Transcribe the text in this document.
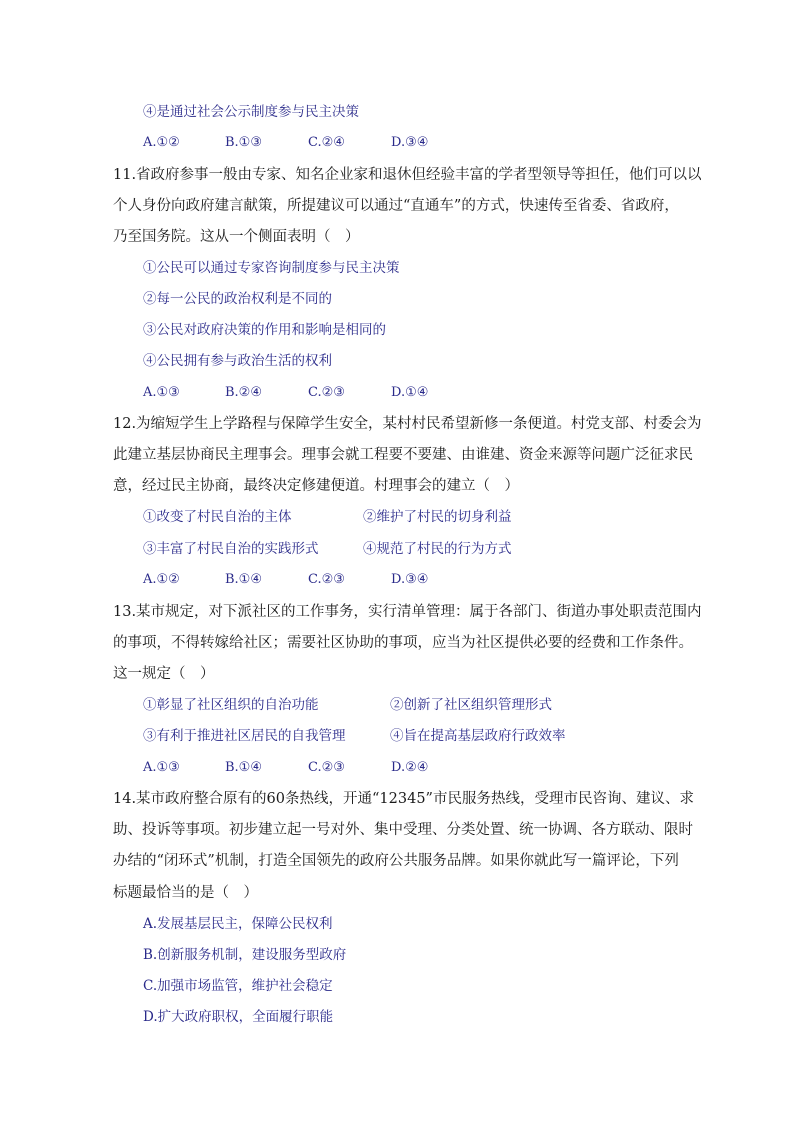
④是通过社会公示制度参与民主决策
A.①②	B.①③	C.②④	D.③④
11.省政府参事一般由专家、知名企业家和退休但经验丰富的学者型领导等担任，他们可以以
个人身份向政府建言献策，所提建议可以通过“直通车”的方式，快速传至省委、省政府，
乃至国务院。这从一个侧面表明（　）
①公民可以通过专家咨询制度参与民主决策
②每一公民的政治权利是不同的
③公民对政府决策的作用和影响是相同的
④公民拥有参与政治生活的权利
A.①③	B.②④	C.②③	D.①④
12.为缩短学生上学路程与保障学生安全，某村村民希望新修一条便道。村党支部、村委会为
此建立基层协商民主理事会。理事会就工程要不要建、由谁建、资金来源等问题广泛征求民
意，经过民主协商，最终决定修建便道。村理事会的建立（　）
①改变了村民自治的主体	②维护了村民的切身利益
③丰富了村民自治的实践形式	④规范了村民的行为方式
A.①②	B.①④	C.②③	D.③④
13.某市规定，对下派社区的工作事务，实行清单管理：属于各部门、街道办事处职责范围内
的事项，不得转嫁给社区；需要社区协助的事项，应当为社区提供必要的经费和工作条件。
这一规定（　）
①彰显了社区组织的自治功能	②创新了社区组织管理形式
③有利于推进社区居民的自我管理	④旨在提高基层政府行政效率
A.①③	B.①④	C.②③	D.②④
14.某市政府整合原有的60条热线，开通“12345”市民服务热线，受理市民咨询、建议、求
助、投诉等事项。初步建立起一号对外、集中受理、分类处置、统一协调、各方联动、限时
办结的“闭环式”机制，打造全国领先的政府公共服务品牌。如果你就此写一篇评论，下列
标题最恰当的是（　）
A.发展基层民主，保障公民权利
B.创新服务机制，建设服务型政府
C.加强市场监管，维护社会稳定
D.扩大政府职权，全面履行职能
